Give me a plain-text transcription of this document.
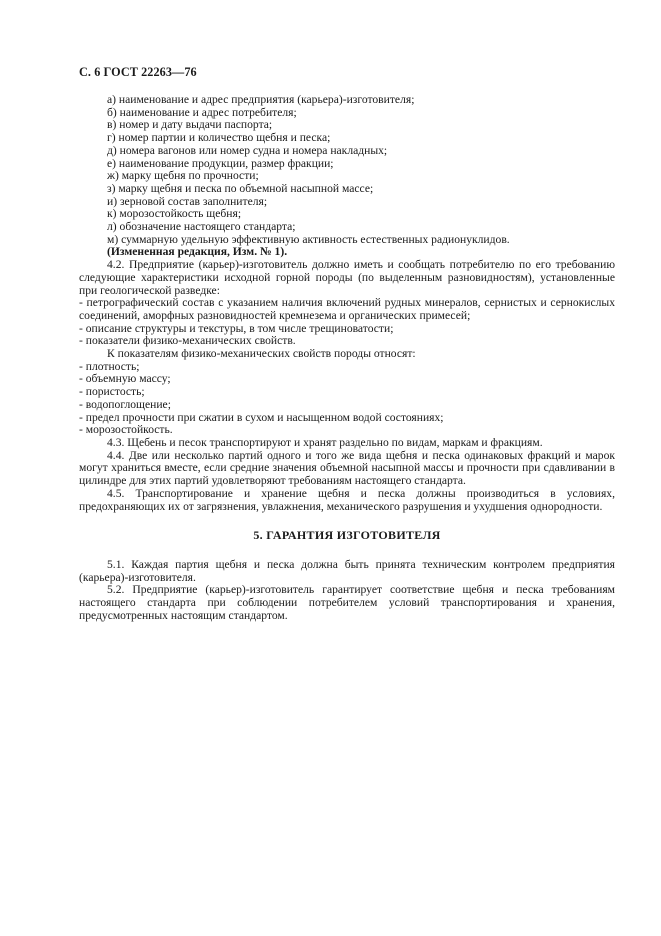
С. 6 ГОСТ 22263—76
а) наименование и адрес предприятия (карьера)-изготовителя;
б) наименование и адрес потребителя;
в) номер и дату выдачи паспорта;
г) номер партии и количество щебня и песка;
д) номера вагонов или номер судна и номера накладных;
е) наименование продукции, размер фракции;
ж) марку щебня по прочности;
з) марку щебня и песка по объемной насыпной массе;
и) зерновой состав заполнителя;
к) морозостойкость щебня;
л) обозначение настоящего стандарта;
м) суммарную удельную эффективную активность естественных радионуклидов.
(Измененная редакция, Изм. № 1).
4.2. Предприятие (карьер)-изготовитель должно иметь и сообщать потребителю по его требованию следующие характеристики исходной горной породы (по выделенным разновидностям), установленные при геологической разведке:
- петрографический состав с указанием наличия включений рудных минералов, сернистых и сернокислых соединений, аморфных разновидностей кремнезема и органических примесей;
- описание структуры и текстуры, в том числе трещиноватости;
- показатели физико-механических свойств.
К показателям физико-механических свойств породы относят:
- плотность;
- объемную массу;
- пористость;
- водопоглощение;
- предел прочности при сжатии в сухом и насыщенном водой состояниях;
- морозостойкость.
4.3. Щебень и песок транспортируют и хранят раздельно по видам, маркам и фракциям.
4.4. Две или несколько партий одного и того же вида щебня и песка одинаковых фракций и марок могут храниться вместе, если средние значения объемной насыпной массы и прочности при сдавливании в цилиндре для этих партий удовлетворяют требованиям настоящего стандарта.
4.5. Транспортирование и хранение щебня и песка должны производиться в условиях, предохраняющих их от загрязнения, увлажнения, механического разрушения и ухудшения однородности.
5. ГАРАНТИЯ ИЗГОТОВИТЕЛЯ
5.1. Каждая партия щебня и песка должна быть принята техническим контролем предприятия (карьера)-изготовителя.
5.2. Предприятие (карьер)-изготовитель гарантирует соответствие щебня и песка требованиям настоящего стандарта при соблюдении потребителем условий транспортирования и хранения, предусмотренных настоящим стандартом.
